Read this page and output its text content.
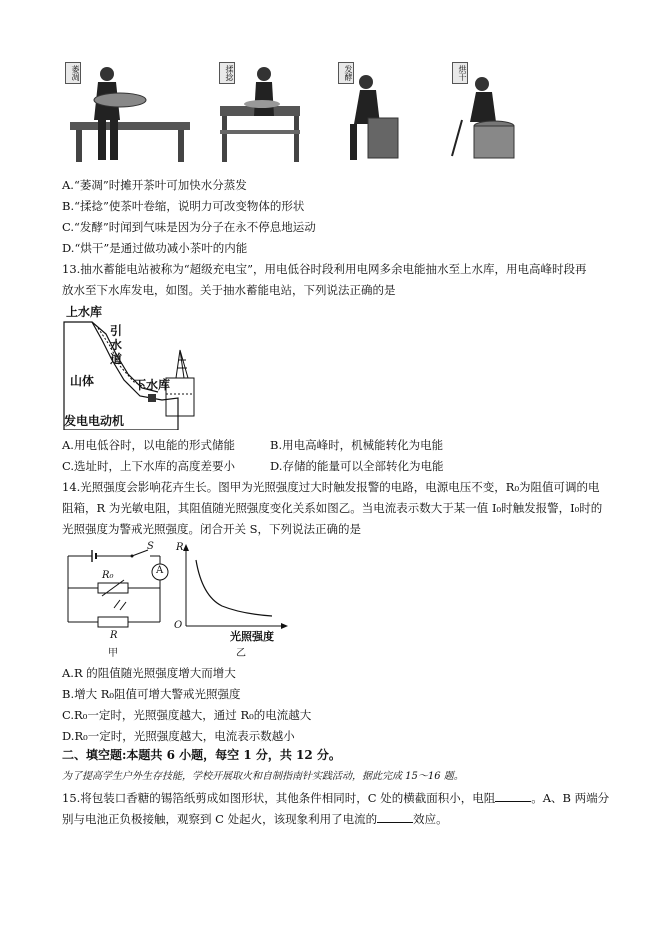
萎凋	揉捻	发酵	烘干
A.“萎凋”时摊开茶叶可加快水分蒸发
B.“揉捻”使茶叶卷缩，说明力可改变物体的形状
C.“发酵”时闻到气味是因为分子在永不停息地运动
D.“烘干”是通过做功减小茶叶的内能
13.抽水蓄能电站被称为“超级充电宝”，用电低谷时段利用电网多余电能抽水至上水库，用电高峰时段再
放水至下水库发电，如图。关于抽水蓄能电站，下列说法正确的是
上水库
引水道
山体	下水库
发电电动机
A.用电低谷时，以电能的形式储能	B.用电高峰时，机械能转化为电能
C.选址时，上下水库的高度差要小	D.存储的能量可以全部转化为电能
14.光照强度会影响花卉生长。图甲为光照强度过大时触发报警的电路，电源电压不变，R₀为阻值可调的电
阻箱，R 为光敏电阻，其阻值随光照强度变化关系如图乙。当电流表示数大于某一值 I₀时触发报警，I₀时的
光照强度为警戒光照强度。闭合开关 S，下列说法正确的是
S
A
R₀
R
甲
R
O
光照强度
乙
A.R 的阻值随光照强度增大而增大
B.增大 R₀阻值可增大警戒光照强度
C.R₀一定时，光照强度越大，通过 R₀的电流越大
D.R₀一定时，光照强度越大，电流表示数越小
二、填空题:本题共 6 小题，每空 1 分，共 12 分。
为了提高学生户外生存技能，学校开展取火和自制指南针实践活动，据此完成 15～16 题。
15.将包装口香糖的锡箔纸剪成如图形状，其他条件相同时，C 处的横截面积小，电阻	。A、B 两端分
别与电池正负极接触，观察到 C 处起火，该现象利用了电流的	效应。
